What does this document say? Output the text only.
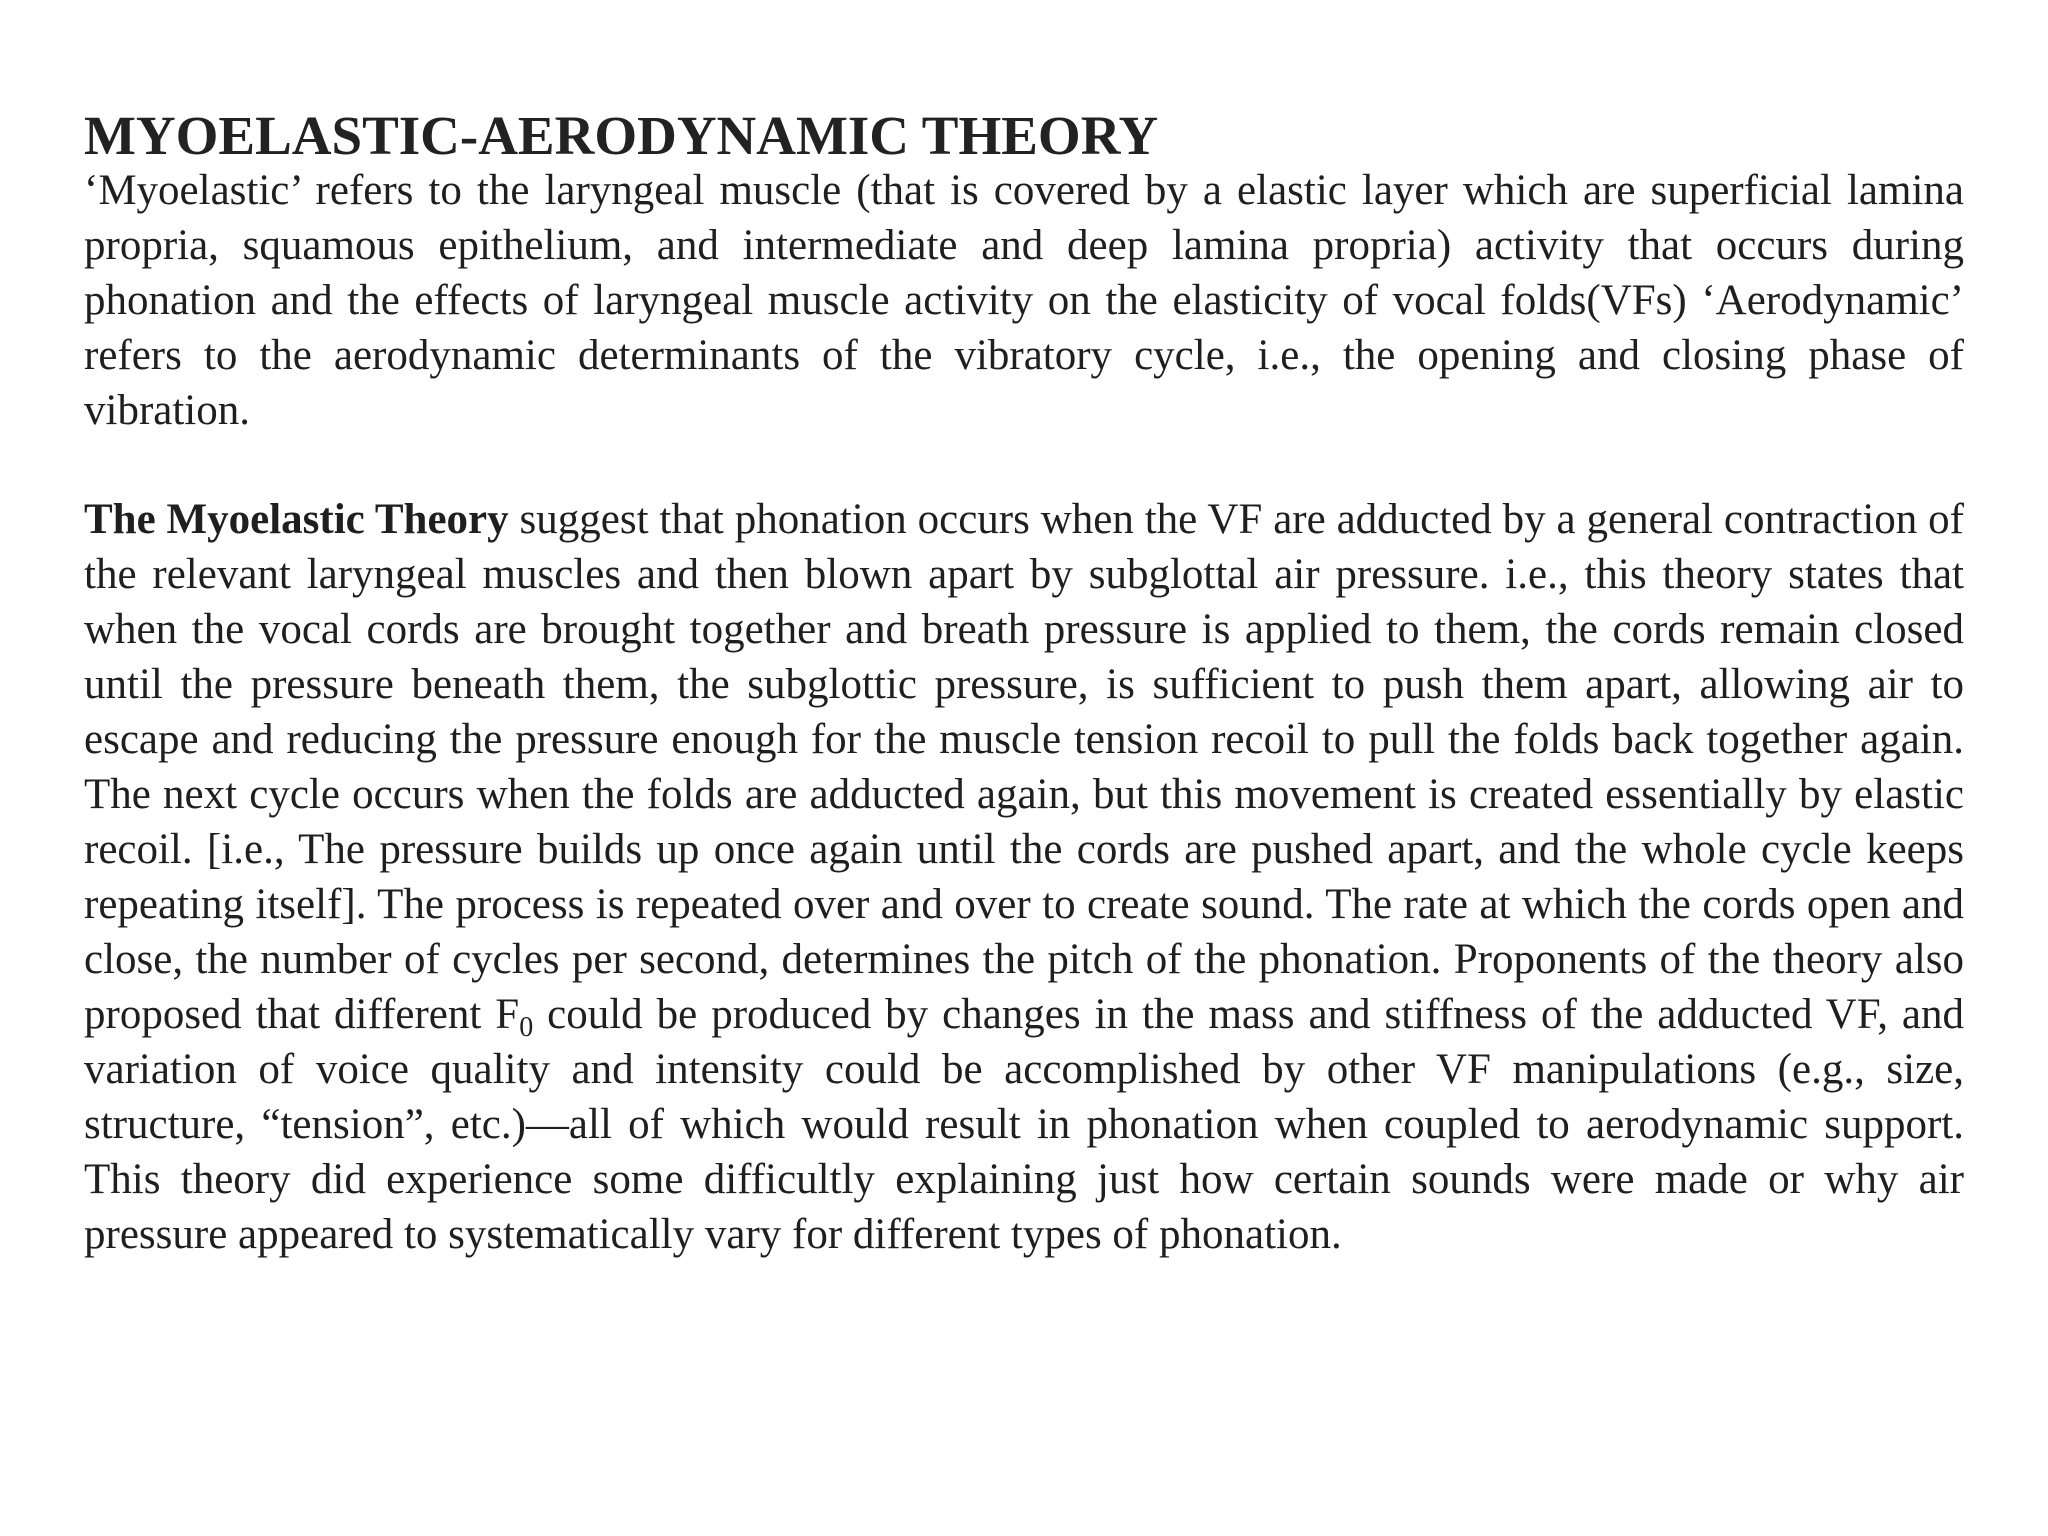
MYOELASTIC-AERODYNAMIC THEORY

‘Myoelastic’ refers to the laryngeal muscle (that is covered by a elastic layer which are superficial lamina propria, squamous epithelium, and intermediate and deep lamina propria) activity that occurs during phonation and the effects of laryngeal muscle activity on the elasticity of vocal folds(VFs) ‘Aerodynamic’ refers to the aerodynamic determinants of the vibratory cycle, i.e., the opening and closing phase of vibration.

The Myoelastic Theory suggest that phonation occurs when the VF are adducted by a general contraction of the relevant laryngeal muscles and then blown apart by subglottal air pressure. i.e., this theory states that when the vocal cords are brought together and breath pressure is applied to them, the cords remain closed until the pressure beneath them, the subglottic pressure, is sufficient to push them apart, allowing air to escape and reducing the pressure enough for the muscle tension recoil to pull the folds back together again. The next cycle occurs when the folds are adducted again, but this movement is created essentially by elastic recoil. [i.e., The pressure builds up once again until the cords are pushed apart, and the whole cycle keeps repeating itself]. The process is repeated over and over to create sound. The rate at which the cords open and close, the number of cycles per second, determines the pitch of the phonation. Proponents of the theory also proposed that different $F_0$ could be produced by changes in the mass and stiffness of the adducted VF, and variation of voice quality and intensity could be accomplished by other VF manipulations (e.g., size, structure, “tension”, etc.)—all of which would result in phonation when coupled to aerodynamic support. This theory did experience some difficultly explaining just how certain sounds were made or why air pressure appeared to systematically vary for different types of phonation.
